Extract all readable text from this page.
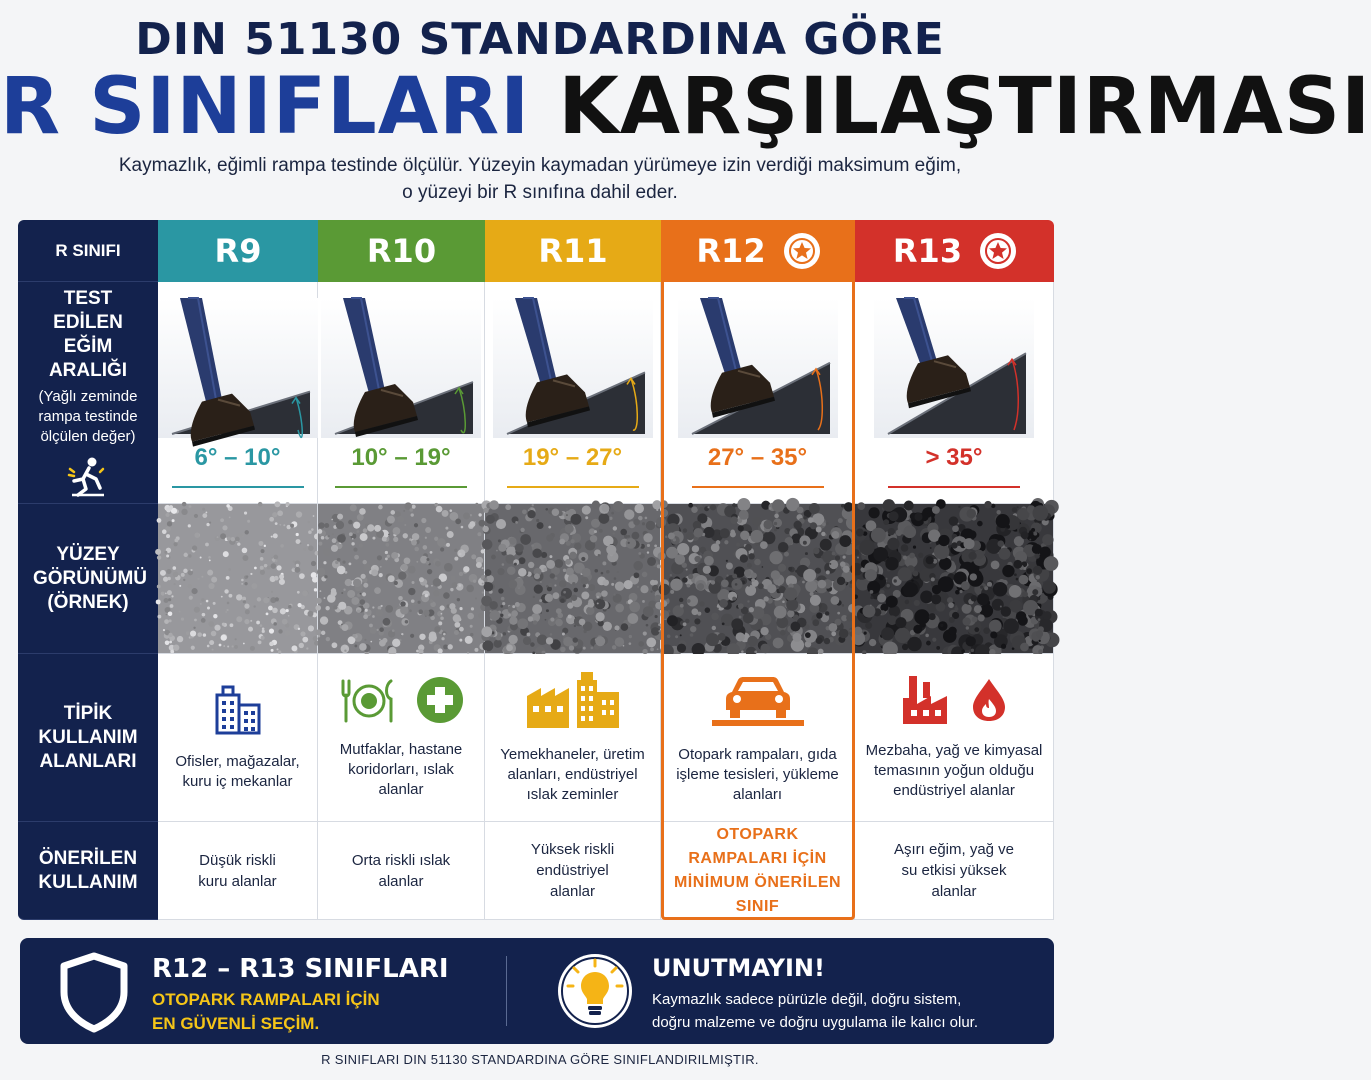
DIN 51130 STANDARDINA GÖRE
R SINIFLARI KARŞILAŞTIRMASI
Kaymazlık, eğimli rampa testinde ölçülür. Yüzeyin kaymadan yürümeye izin verdiği maksimum eğim,
o yüzeyi bir R sınıfına dahil eder.
R SINIFI
TEST EDİLEN EĞİM ARALIĞI
(Yağlı zeminde rampa testinde ölçülen değer)
YÜZEY GÖRÜNÜMÜ (ÖRNEK)
TİPİK KULLANIM ALANLARI
ÖNERİLEN KULLANIM
R9
6° – 10°
Ofisler, mağazalar, kuru iç mekanlar
Düşük riskli kuru alanlar
R10
10° – 19°
Mutfaklar, hastane koridorları, ıslak alanlar
Orta riskli ıslak alanlar
R11
19° – 27°
Yemekhaneler, üretim alanları, endüstriyel ıslak zeminler
Yüksek riskli endüstriyel alanlar
R12
27° – 35°
Otopark rampaları, gıda işleme tesisleri, yükleme alanları
OTOPARK RAMPALARI İÇİN MİNİMUM ÖNERİLEN SINIF
R13
> 35°
Mezbaha, yağ ve kimyasal temasının yoğun olduğu endüstriyel alanlar
Aşırı eğim, yağ ve su etkisi yüksek alanlar
R12 – R13 SINIFLARI
OTOPARK RAMPALARI İÇİN
EN GÜVENLİ SEÇİM.
UNUTMAYIN!
Kaymazlık sadece pürüzle değil, doğru sistem,
doğru malzeme ve doğru uygulama ile kalıcı olur.
R SINIFLARI DIN 51130 STANDARDINA GÖRE SINIFLANDIRILMIŞTIR.
